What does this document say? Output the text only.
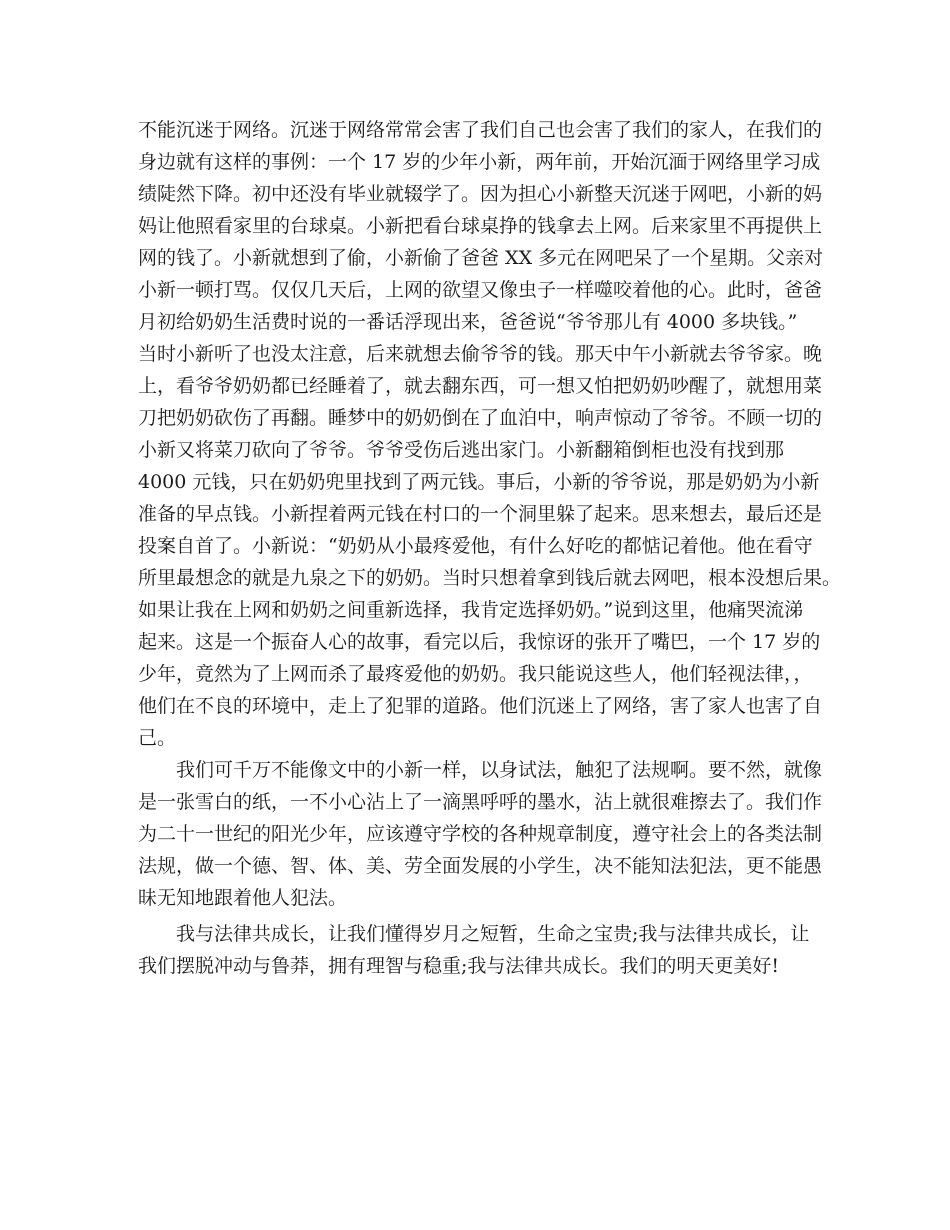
不能沉迷于网络。沉迷于网络常常会害了我们自己也会害了我们的家人，在我们的
身边就有这样的事例：一个 17 岁的少年小新，两年前，开始沉湎于网络里学习成
绩陡然下降。初中还没有毕业就辍学了。因为担心小新整天沉迷于网吧，小新的妈
妈让他照看家里的台球桌。小新把看台球桌挣的钱拿去上网。后来家里不再提供上
网的钱了。小新就想到了偷，小新偷了爸爸 XX 多元在网吧呆了一个星期。父亲对
小新一顿打骂。仅仅几天后，上网的欲望又像虫子一样噬咬着他的心。此时，爸爸
月初给奶奶生活费时说的一番话浮现出来，爸爸说“爷爷那儿有 4000 多块钱。”
当时小新听了也没太注意，后来就想去偷爷爷的钱。那天中午小新就去爷爷家。晚
上，看爷爷奶奶都已经睡着了，就去翻东西，可一想又怕把奶奶吵醒了，就想用菜
刀把奶奶砍伤了再翻。睡梦中的奶奶倒在了血泊中，响声惊动了爷爷。不顾一切的
小新又将菜刀砍向了爷爷。爷爷受伤后逃出家门。小新翻箱倒柜也没有找到那
4000 元钱，只在奶奶兜里找到了两元钱。事后，小新的爷爷说，那是奶奶为小新
准备的早点钱。小新捏着两元钱在村口的一个洞里躲了起来。思来想去，最后还是
投案自首了。小新说：“奶奶从小最疼爱他，有什么好吃的都惦记着他。他在看守
所里最想念的就是九泉之下的奶奶。当时只想着拿到钱后就去网吧，根本没想后果。
如果让我在上网和奶奶之间重新选择，我肯定选择奶奶。”说到这里，他痛哭流涕
起来。这是一个振奋人心的故事，看完以后，我惊讶的张开了嘴巴，一个 17 岁的
少年，竟然为了上网而杀了最疼爱他的奶奶。我只能说这些人，他们轻视法律，，
他们在不良的环境中，走上了犯罪的道路。他们沉迷上了网络，害了家人也害了自
己。
我们可千万不能像文中的小新一样，以身试法，触犯了法规啊。要不然，就像
是一张雪白的纸，一不小心沾上了一滴黑呼呼的墨水，沾上就很难擦去了。我们作
为二十一世纪的阳光少年，应该遵守学校的各种规章制度，遵守社会上的各类法制
法规，做一个德、智、体、美、劳全面发展的小学生，决不能知法犯法，更不能愚
昧无知地跟着他人犯法。
我与法律共成长，让我们懂得岁月之短暂，生命之宝贵;我与法律共成长，让
我们摆脱冲动与鲁莽，拥有理智与稳重;我与法律共成长。我们的明天更美好!
